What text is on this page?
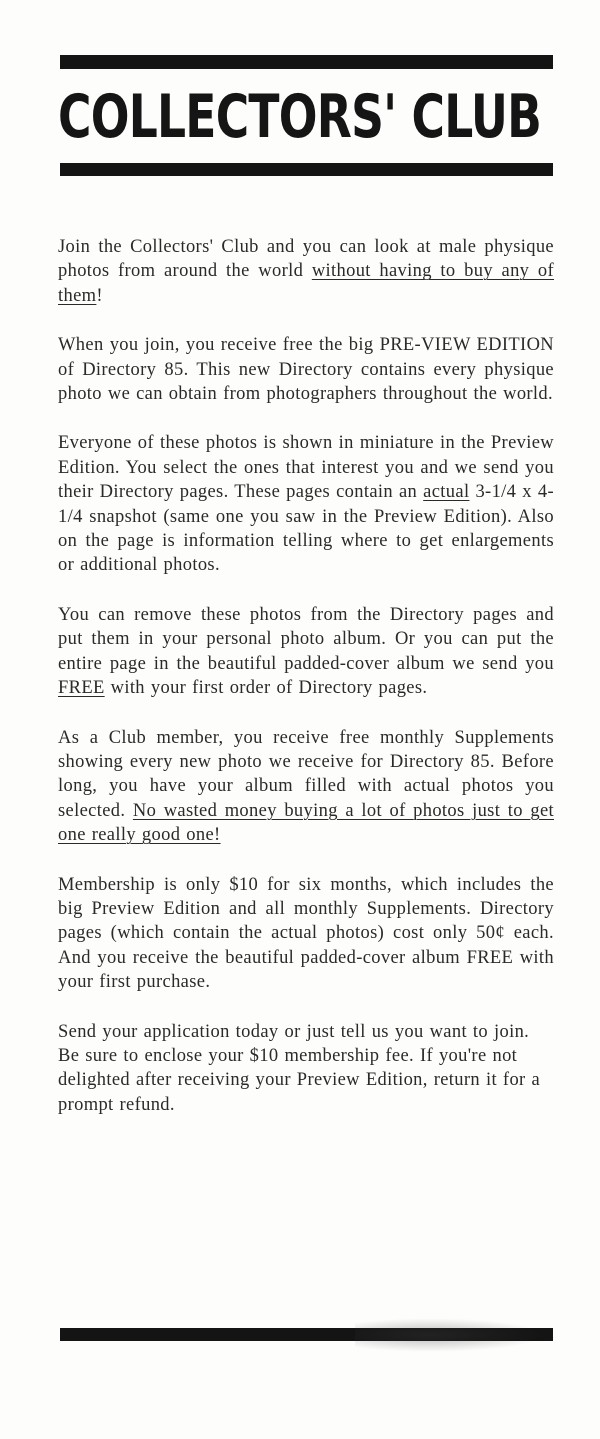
COLLECTORS' CLUB

Join the Collectors' Club and you can look at male physique photos from around the world without having to buy any of them!

When you join, you receive free the big PRE-VIEW EDITION of Directory 85. This new Directory contains every physique photo we can obtain from photographers throughout the world.

Everyone of these photos is shown in miniature in the Preview Edition. You select the ones that interest you and we send you their Directory pages. These pages contain an actual 3-1/4 x 4-1/4 snapshot (same one you saw in the Preview Edition). Also on the page is information telling where to get enlargements or additional photos.

You can remove these photos from the Directory pages and put them in your personal photo album. Or you can put the entire page in the beautiful padded-cover album we send you FREE with your first order of Directory pages.

As a Club member, you receive free monthly Supplements showing every new photo we receive for Directory 85. Before long, you have your album filled with actual photos you selected. No wasted money buying a lot of photos just to get one really good one!

Membership is only $10 for six months, which includes the big Preview Edition and all monthly Supplements. Directory pages (which contain the actual photos) cost only 50¢ each. And you receive the beautiful padded-cover album FREE with your first purchase.

Send your application today or just tell us you want to join. Be sure to enclose your $10 membership fee. If you're not delighted after receiving your Preview Edition, return it for a prompt refund.
